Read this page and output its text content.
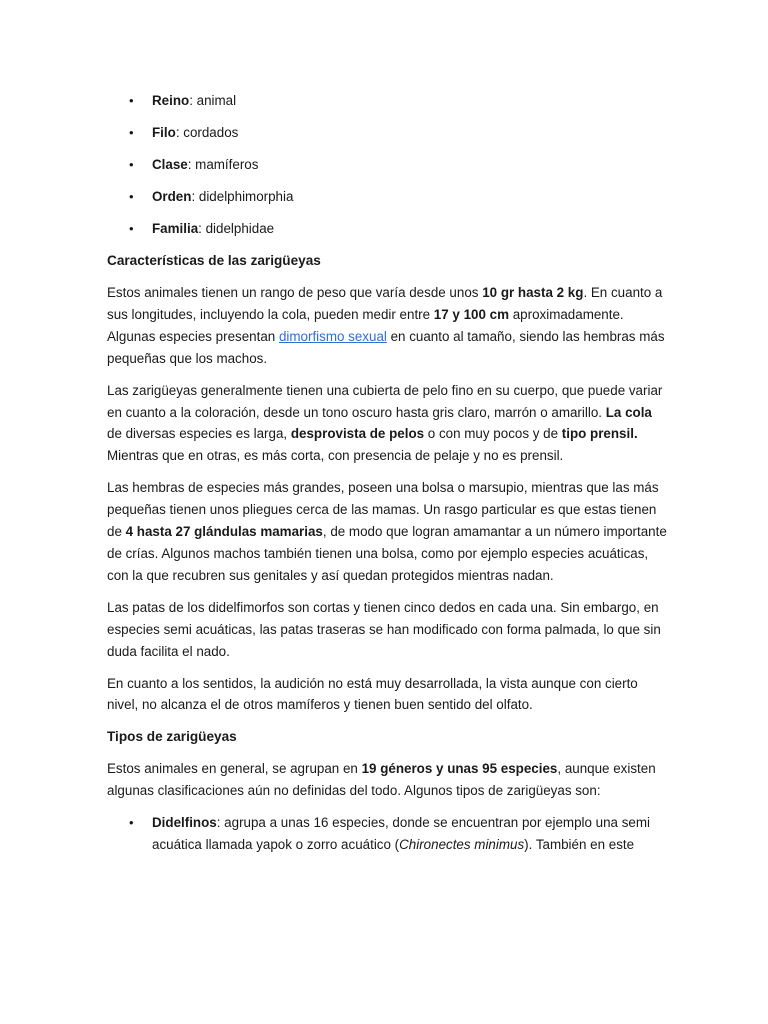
• Reino: animal
• Filo: cordados
• Clase: mamíferos
• Orden: didelphimorphia
• Familia: didelphidae
Características de las zarigüeyas

Estos animales tienen un rango de peso que varía desde unos 10 gr hasta 2 kg. En cuanto a sus longitudes, incluyendo la cola, pueden medir entre 17 y 100 cm aproximadamente. Algunas especies presentan dimorfismo sexual en cuanto al tamaño, siendo las hembras más pequeñas que los machos.

Las zarigüeyas generalmente tienen una cubierta de pelo fino en su cuerpo, que puede variar en cuanto a la coloración, desde un tono oscuro hasta gris claro, marrón o amarillo. La cola de diversas especies es larga, desprovista de pelos o con muy pocos y de tipo prensil. Mientras que en otras, es más corta, con presencia de pelaje y no es prensil.

Las hembras de especies más grandes, poseen una bolsa o marsupio, mientras que las más pequeñas tienen unos pliegues cerca de las mamas. Un rasgo particular es que estas tienen de 4 hasta 27 glándulas mamarias, de modo que logran amamantar a un número importante de crías. Algunos machos también tienen una bolsa, como por ejemplo especies acuáticas, con la que recubren sus genitales y así quedan protegidos mientras nadan.

Las patas de los didelfimorfos son cortas y tienen cinco dedos en cada una. Sin embargo, en especies semi acuáticas, las patas traseras se han modificado con forma palmada, lo que sin duda facilita el nado.

En cuanto a los sentidos, la audición no está muy desarrollada, la vista aunque con cierto nivel, no alcanza el de otros mamíferos y tienen buen sentido del olfato.

Tipos de zarigüeyas

Estos animales en general, se agrupan en 19 géneros y unas 95 especies, aunque existen algunas clasificaciones aún no definidas del todo. Algunos tipos de zarigüeyas son:

• Didelfinos: agrupa a unas 16 especies, donde se encuentran por ejemplo una semi acuática llamada yapok o zorro acuático (Chironectes minimus). También en este
